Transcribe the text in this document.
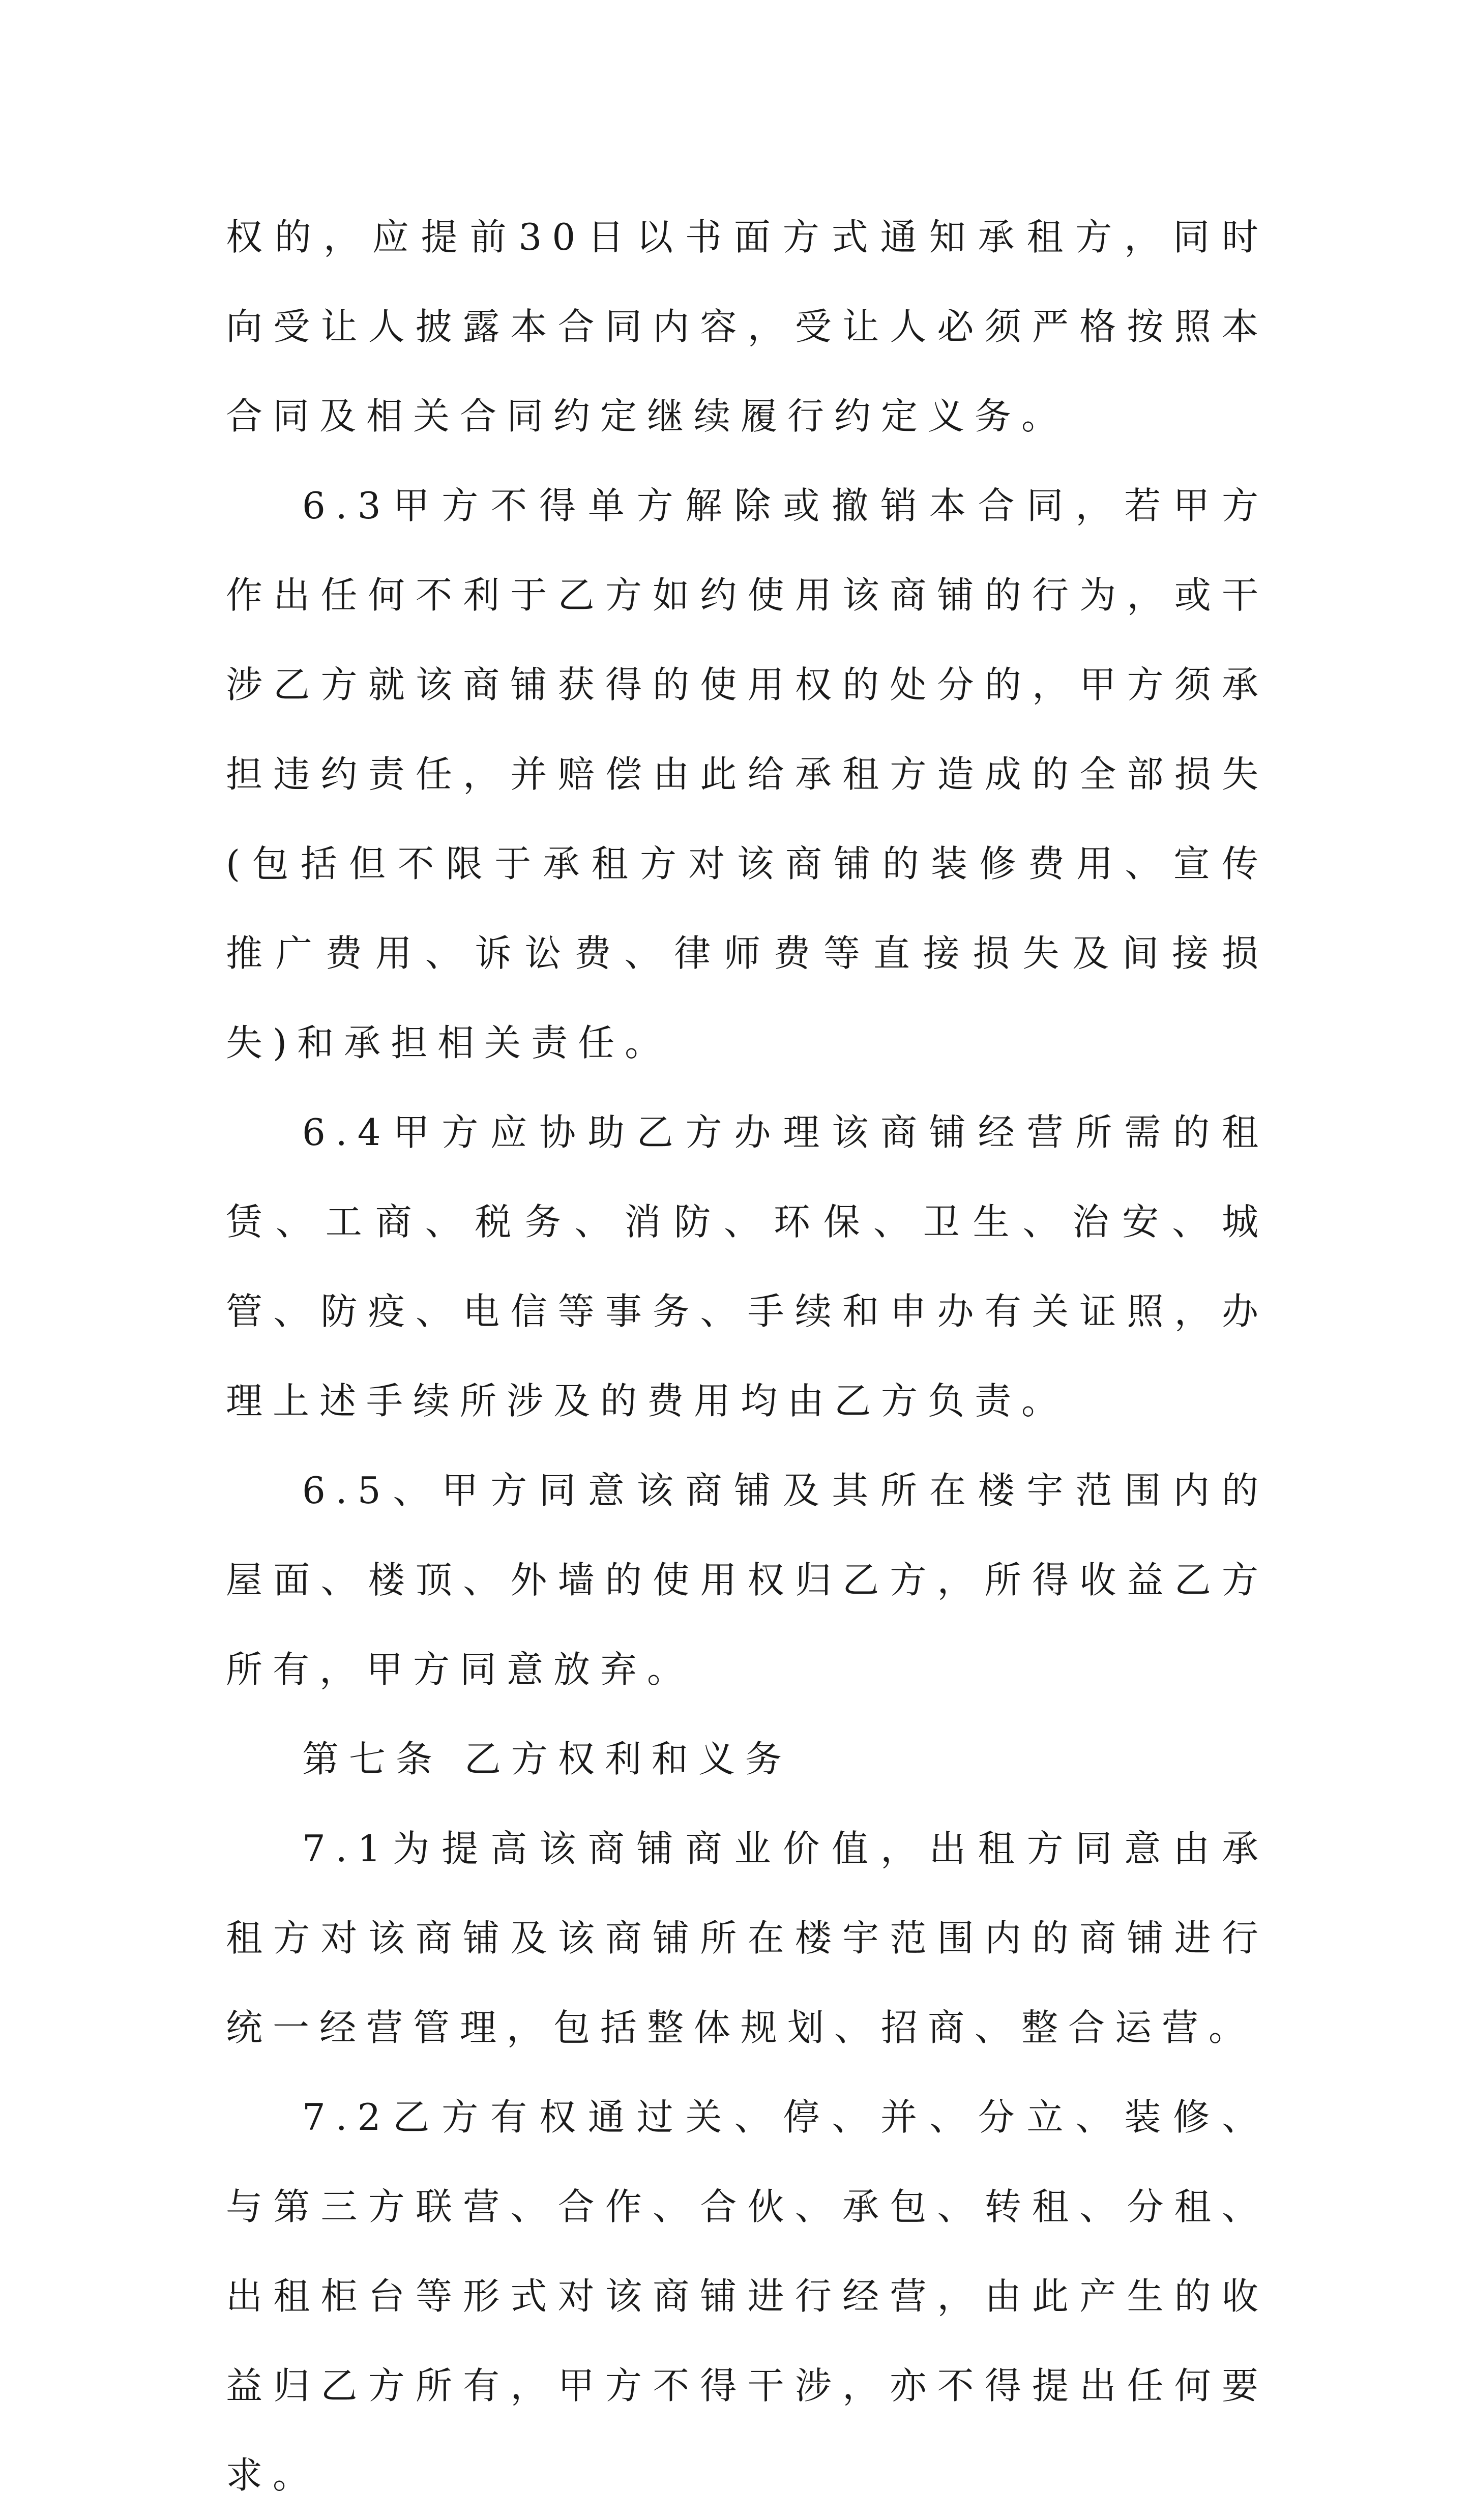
权的，应提前30日以书面方式通知承租方，同时向受让人披露本合同内容，受让人必须严格按照本合同及相关合同约定继续履行约定义务。

6.3甲方不得单方解除或撤销本合同，若甲方作出任何不利于乙方如约使用该商铺的行为，或干涉乙方就该商铺获得的使用权的处分的，甲方须承担违约责任，并赔偿由此给承租方造成的全部损失(包括但不限于承租方对该商铺的装修费用、宣传推广费用、诉讼费、律师费等直接损失及间接损失)和承担相关责任。

6.4甲方应协助乙方办理该商铺经营所需的租赁、工商、税务、消防、环保、卫生、治安、城管、防疫、电信等事务、手续和申办有关证照，办理上述手续所涉及的费用均由乙方负责。

6.5、甲方同意该商铺及其所在楼宇范围内的屋面、楼顶、外墙的使用权归乙方，所得收益乙方所有，甲方同意放弃。

第七条 乙方权利和义务

7.1为提高该商铺商业价值，出租方同意由承租方对该商铺及该商铺所在楼宇范围内的商铺进行统一经营管理，包括整体规划、招商、整合运营。

7.2乙方有权通过关、停、并、分立、装修、与第三方联营、合作、合伙、承包、转租、分租、出租柜台等形式对该商铺进行经营，由此产生的收益归乙方所有，甲方不得干涉，亦不得提出任何要求。
